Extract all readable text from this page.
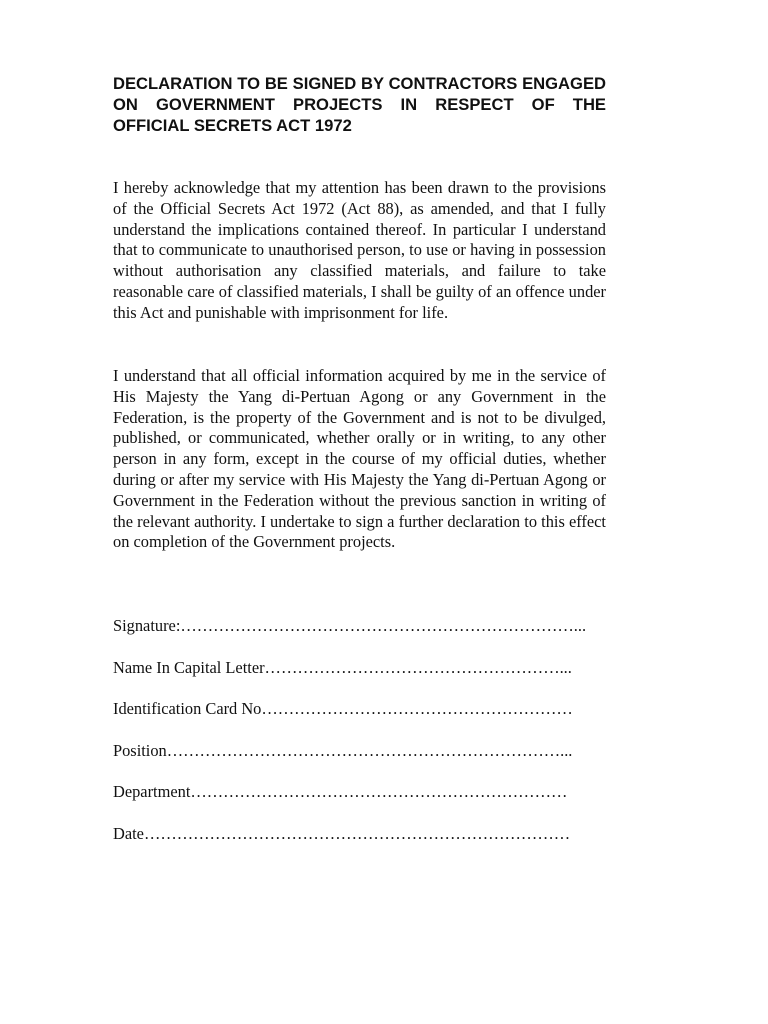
DECLARATION TO BE SIGNED BY CONTRACTORS ENGAGED ON GOVERNMENT PROJECTS IN RESPECT OF THE OFFICIAL SECRETS ACT 1972

I hereby acknowledge that my attention has been drawn to the provisions of the Official Secrets Act 1972 (Act 88), as amended, and that I fully understand the implications contained thereof. In particular I understand that to communicate to unauthorised person, to use or having in possession without authorisation any classified materials, and failure to take reasonable care of classified materials, I shall be guilty of an offence under this Act and punishable with imprisonment for life.

I understand that all official information acquired by me in the service of His Majesty the Yang di-Pertuan Agong or any Government in the Federation, is the property of the Government and is not to be divulged, published, or communicated, whether orally or in writing, to any other person in any form, except in the course of my official duties, whether during or after my service with His Majesty the Yang di-Pertuan Agong or Government in the Federation without the previous sanction in writing of the relevant authority. I undertake to sign a further declaration to this effect on completion of the Government projects.

Signature:………………………………………………………………...
Name In Capital Letter………………………………………………...
Identification Card No…………………………………………………
Position………………………………………………………………...
Department……………………………………………………………
Date……………………………………………………………………
